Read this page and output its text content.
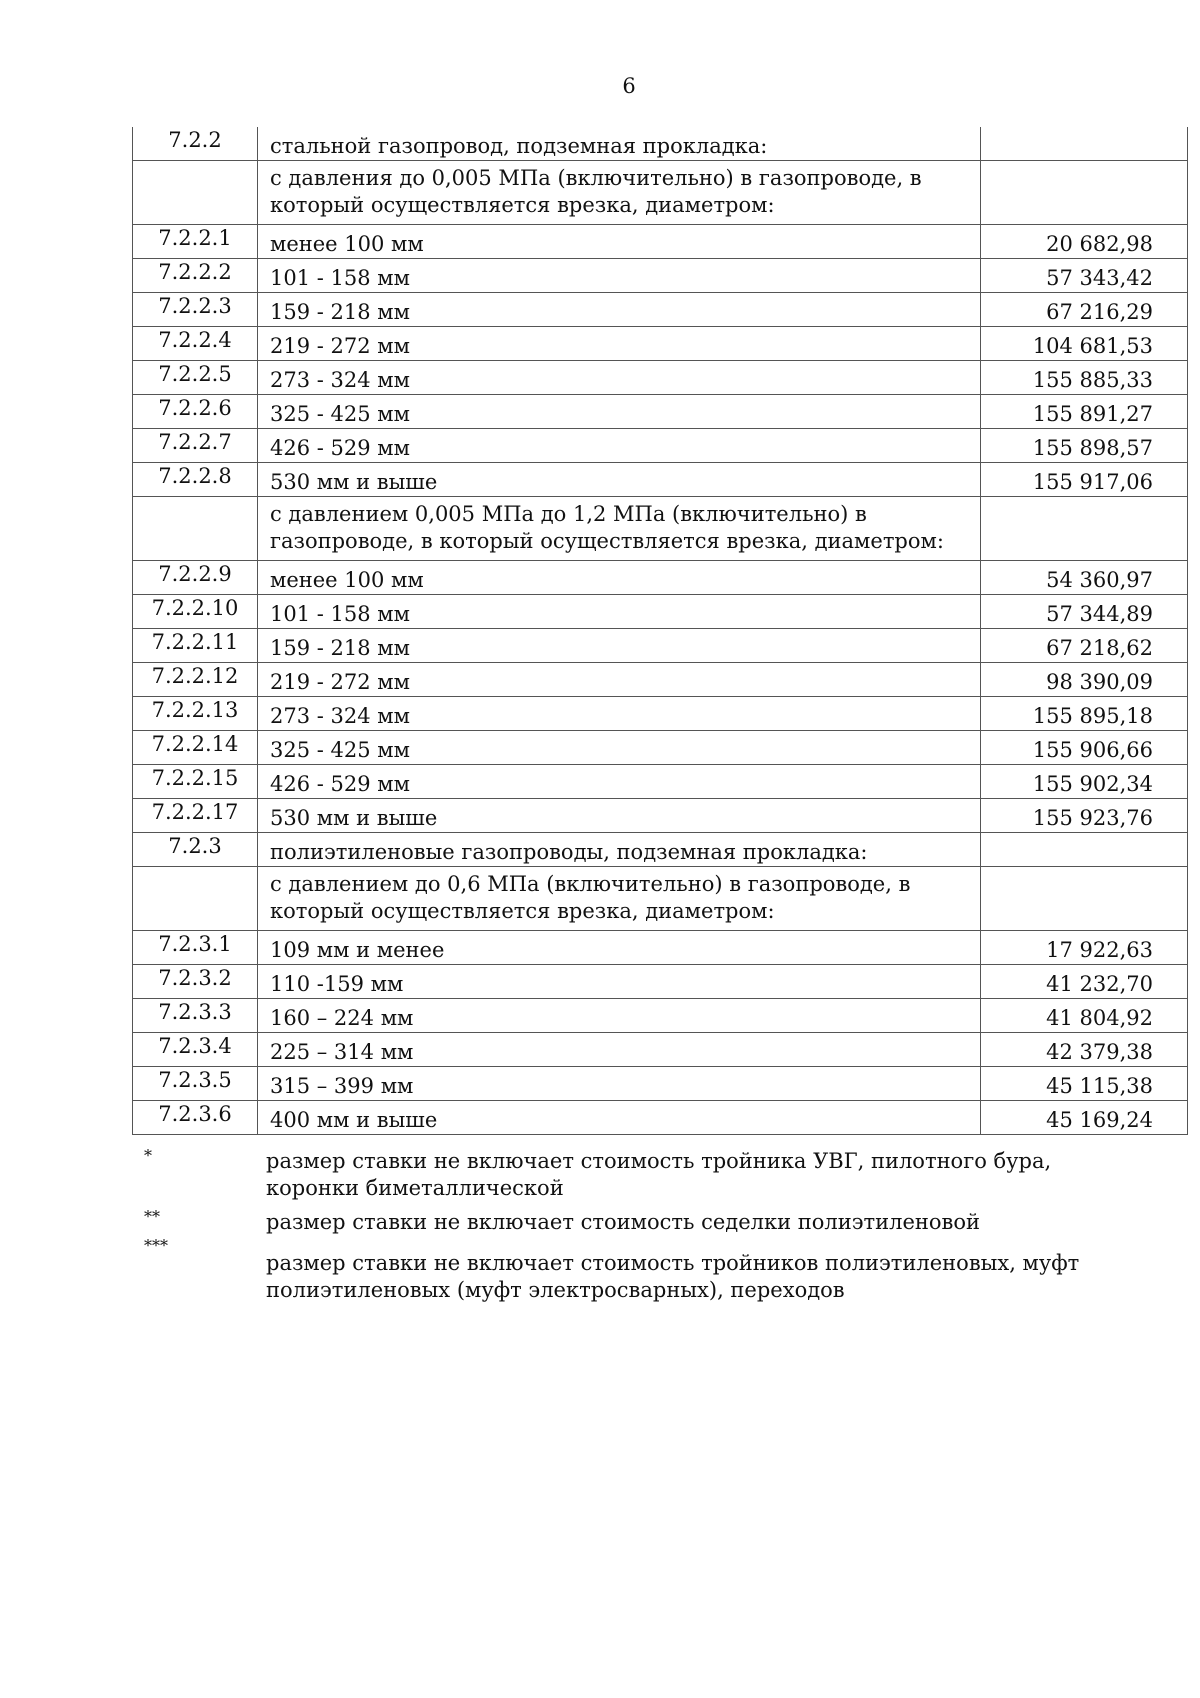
6
7.2.2	стальной газопровод, подземная прокладка:	
	с давления до 0,005 МПа (включительно) в газопроводе, в который осуществляется врезка, диаметром:	
7.2.2.1	менее 100 мм	20 682,98
7.2.2.2	101 - 158 мм	57 343,42
7.2.2.3	159 - 218 мм	67 216,29
7.2.2.4	219 - 272 мм	104 681,53
7.2.2.5	273 - 324 мм	155 885,33
7.2.2.6	325 - 425 мм	155 891,27
7.2.2.7	426 - 529 мм	155 898,57
7.2.2.8	530 мм и выше	155 917,06
	с давлением 0,005 МПа до 1,2 МПа (включительно) в газопроводе, в который осуществляется врезка, диаметром:	
7.2.2.9	менее 100 мм	54 360,97
7.2.2.10	101 - 158 мм	57 344,89
7.2.2.11	159 - 218 мм	67 218,62
7.2.2.12	219 - 272 мм	98 390,09
7.2.2.13	273 - 324 мм	155 895,18
7.2.2.14	325 - 425 мм	155 906,66
7.2.2.15	426 - 529 мм	155 902,34
7.2.2.17	530 мм и выше	155 923,76
7.2.3	полиэтиленовые газопроводы, подземная прокладка:	
	с давлением до 0,6 МПа (включительно) в газопроводе, в который осуществляется врезка, диаметром:	
7.2.3.1	109 мм и менее	17 922,63
7.2.3.2	110 -159 мм	41 232,70
7.2.3.3	160 – 224 мм	41 804,92
7.2.3.4	225 – 314 мм	42 379,38
7.2.3.5	315 – 399 мм	45 115,38
7.2.3.6	400 мм и выше	45 169,24

*	размер ставки не включает стоимость тройника УВГ, пилотного бура, коронки биметаллической

**	размер ставки не включает стоимость седелки полиэтиленовой

***
размер ставки не включает стоимость тройников полиэтиленовых, муфт полиэтиленовых (муфт электросварных), переходов
